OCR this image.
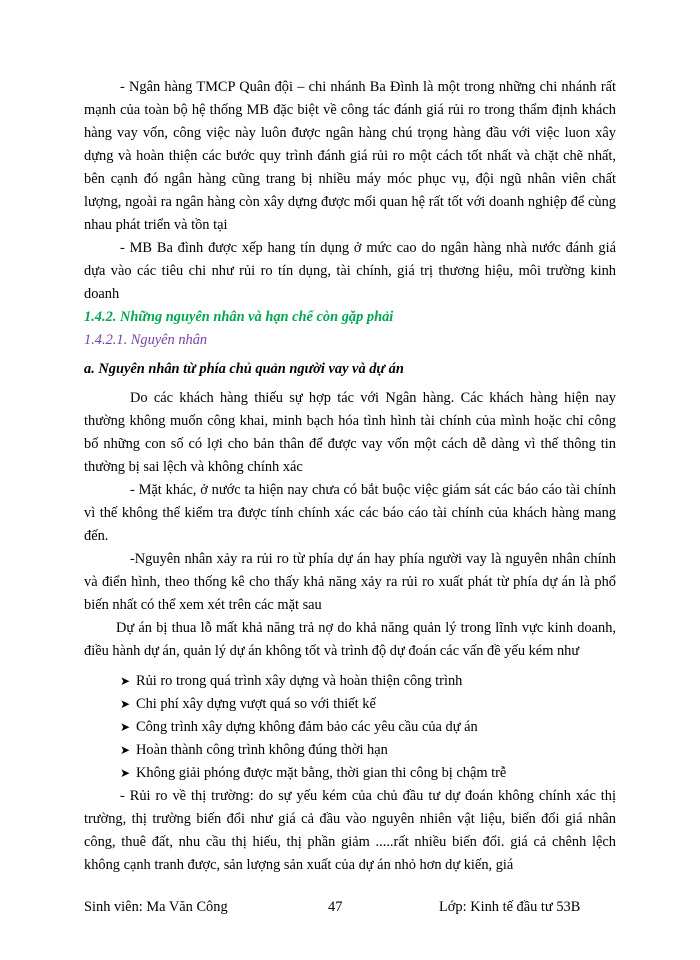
- Ngân hàng TMCP Quân đội – chi nhánh Ba Đình là một trong những chi nhánh rất mạnh của toàn bộ hệ thống MB đặc biệt về công tác đánh giá rủi ro trong thẩm định khách hàng vay vốn, công việc này luôn được ngân hàng chú trọng hàng đầu với việc luon xây dựng và hoàn thiện các bước quy trình đánh giá rủi ro một cách tốt nhất và chặt chẽ nhất, bên cạnh đó ngân hàng cũng trang bị nhiều máy móc phục vụ, đội ngũ nhân viên chất lượng, ngoài ra ngân hàng còn xây dựng được mối quan hệ rất tốt với doanh nghiệp để cùng nhau phát triển và tồn tại

- MB Ba đình được xếp hang tín dụng ở mức cao do ngân hàng nhà nước đánh giá dựa vào các tiêu chi như rủi ro tín dụng, tài chính, giá trị thương hiệu, môi trường kinh doanh

1.4.2. Những nguyên nhân và hạn chế còn gặp phải

1.4.2.1. Nguyên nhân

a. Nguyên nhân từ phía chủ quản người vay và dự án

Do các khách hàng thiếu sự hợp tác với Ngân hàng. Các khách hàng hiện nay thường không muốn công khai, minh bạch hóa tình hình tài chính của mình hoặc chỉ công bố những con số có lợi cho bản thân để được vay vốn một cách dễ dàng vì thế thông tin thường bị sai lệch và không chính xác

- Mặt khác, ở nước ta hiện nay chưa có bắt buộc việc giám sát các báo cáo tài chính vì thế không thể kiểm tra được tính chính xác các báo cáo tài chính của khách hàng mang đến.

-Nguyên nhân xảy ra rủi ro từ phía dự án hay phía người vay là nguyên nhân chính và điển hình, theo thống kê cho thấy khả năng xảy ra rủi ro xuất phát từ phía dự án là phổ biến nhất có thể xem xét trên các mặt sau

Dự án bị thua lỗ mất khả năng trả nợ do khả năng quản lý trong lĩnh vực kinh doanh, điều hành dự án, quản lý dự án không tốt và trình độ dự đoán các vấn đề yếu kém như

➤ Rủi ro trong quá trình xây dựng và hoàn thiện công trình
➤ Chi phí xây dựng vượt quá so với thiết kế
➤ Công trình xây dựng không đảm bảo các yêu cầu của dự án
➤ Hoàn thành công trình không đúng thời hạn
➤ Không giải phóng được mặt bằng, thời gian thi công bị chậm trễ

- Rủi ro về thị trường: do sự yếu kém của chủ đầu tư dự đoán không chính xác thị trường, thị trường biến đổi như giá cả đầu vào nguyên nhiên vật liệu, biến đổi giá nhân công, thuê đất, nhu cầu thị hiếu, thị phần giảm .....rất nhiều biến đổi. giá cả chênh lệch không cạnh tranh được, sản lượng sản xuất của dự án nhỏ hơn dự kiến, giá

Sinh viên: Ma Văn Công	47	Lớp: Kinh tế đầu tư 53B
